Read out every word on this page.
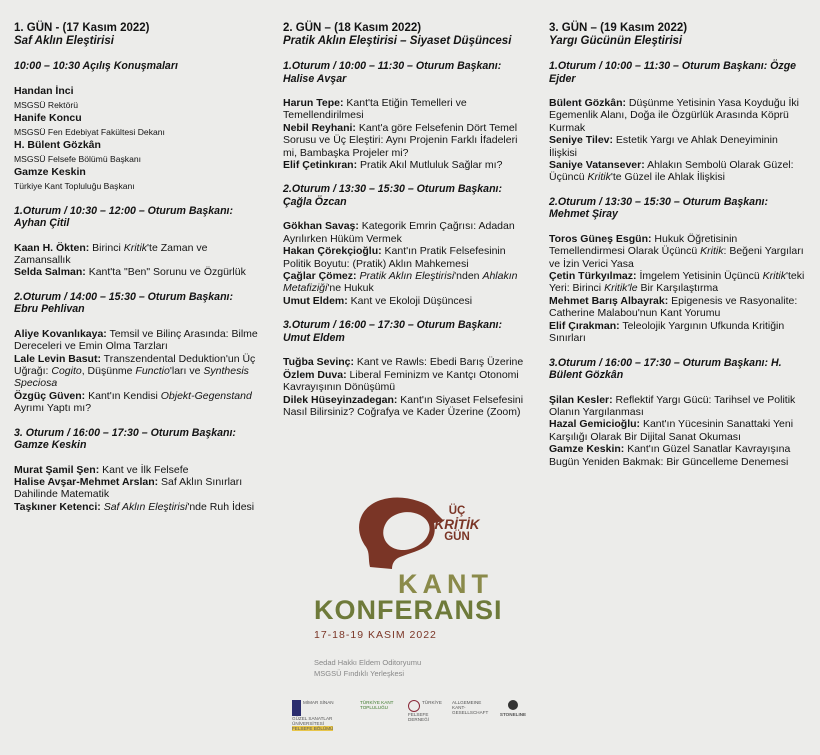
1. GÜN - (17 Kasım 2022)

Saf Aklın Eleştirisi

10:00 – 10:30 Açılış Konuşmaları

Handan İnci
MSGSÜ Rektörü
Hanife Koncu
MSGSÜ Fen Edebiyat Fakültesi Dekanı
H. Bülent Gözkân
MSGSÜ Felsefe Bölümü Başkanı
Gamze Keskin
Türkiye Kant Topluluğu Başkanı

1.Oturum / 10:30 – 12:00 – Oturum Başkanı: Ayhan Çitil

Kaan H. Ökten: Birinci Kritik'te Zaman ve Zamansallık
Selda Salman: Kant'ta "Ben" Sorunu ve Özgürlük

2.Oturum / 14:00 – 15:30 – Oturum Başkanı: Ebru Pehlivan

Aliye Kovanlıkaya: Temsil ve Bilinç Arasında: Bilme Dereceleri ve Emin Olma Tarzları
Lale Levin Basut: Transzendental Deduktion'un Üç Uğrağı: Cogito, Düşünme Functio'ları ve Synthesis Speciosa
Özgüç Güven: Kant'ın Kendisi Objekt-Gegenstand Ayrımı Yaptı mı?

3. Oturum / 16:00 – 17:30 – Oturum Başkanı: Gamze Keskin

Murat Şamil Şen: Kant ve İlk Felsefe
Halise Avşar-Mehmet Arslan: Saf Aklın Sınırları Dahilinde Matematik
Taşkıner Ketenci: Saf Aklın Eleştirisi'nde Ruh İdesi

2. GÜN – (18 Kasım 2022)

Pratik Aklın Eleştirisi – Siyaset Düşüncesi

1.Oturum / 10:00 – 11:30 – Oturum Başkanı: Halise Avşar

Harun Tepe: Kant'ta Etiğin Temelleri ve Temellendirilmesi
Nebil Reyhani: Kant'a göre Felsefenin Dört Temel Sorusu ve Üç Eleştiri: Aynı Projenin Farklı İfadeleri mi, Bambaşka Projeler mi?
Elif Çetinkıran: Pratik Akıl Mutluluk Sağlar mı?

2.Oturum / 13:30 – 15:30 – Oturum Başkanı: Çağla Özcan

Gökhan Savaş: Kategorik Emrin Çağrısı: Adadan Ayrılırken Hüküm Vermek
Hakan Çörekçioğlu: Kant'ın Pratik Felsefesinin Politik Boyutu: (Pratik) Aklın Mahkemesi
Çağlar Çömez: Pratik Aklın Eleştirisi'nden Ahlakın Metafiziği'ne Hukuk
Umut Eldem: Kant ve Ekoloji Düşüncesi

3.Oturum / 16:00 – 17:30 – Oturum Başkanı: Umut Eldem

Tuğba Sevinç: Kant ve Rawls: Ebedi Barış Üzerine
Özlem Duva: Liberal Feminizm ve Kantçı Otonomi Kavrayışının Dönüşümü
Dilek Hüseyinzadegan: Kant'ın Siyaset Felsefesini Nasıl Bilirsiniz? Coğrafya ve Kader Üzerine (Zoom)

3. GÜN – (19 Kasım 2022)

Yargı Gücünün Eleştirisi

1.Oturum / 10:00 – 11:30 – Oturum Başkanı: Özge Ejder

Bülent Gözkân: Düşünme Yetisinin Yasa Koyduğu İki Egemenlik Alanı, Doğa ile Özgürlük Arasında Köprü Kurmak
Seniye Tilev: Estetik Yargı ve Ahlak Deneyiminin İlişkisi
Saniye Vatansever: Ahlakın Sembolü Olarak Güzel: Üçüncü Kritik'te Güzel ile Ahlak İlişkisi

2.Oturum / 13:30 – 15:30 – Oturum Başkanı: Mehmet Şiray

Toros Güneş Esgün: Hukuk Öğretisinin Temellendirmesi Olarak Üçüncü Kritik: Beğeni Yargıları ve İzin Verici Yasa
Çetin Türkyılmaz: İmgelem Yetisinin Üçüncü Kritik'teki Yeri: Birinci Kritik'le Bir Karşılaştırma
Mehmet Barış Albayrak: Epigenesis ve Rasyonalite: Catherine Malabou'nun Kant Yorumu
Elif Çırakman: Teleolojik Yargının Ufkunda Kritiğin Sınırları

3.Oturum / 16:00 – 17:30 – Oturum Başkanı: H. Bülent Gözkân

Şilan Kesler: Reflektif Yargı Gücü: Tarihsel ve Politik Olanın Yargılanması
Hazal Gemicioğlu: Kant'ın Yücesinin Sanattaki Yeni Karşılığı Olarak Bir Dijital Sanat Okuması
Gamze Keskin: Kant'ın Güzel Sanatlar Kavrayışına Bugün Yeniden Bakmak: Bir Güncelleme Denemesi
ÜÇ
KRİTİK
GÜN
KANT
KONFERANSI
17-18-19 KASIM 2022
Sedad Hakkı Eldem Oditoryumu
MSGSÜ Fındıklı Yerleşkesi
MİMAR SİNAN GÜZEL SANATLAR ÜNİVERSİTESİ
FELSEFE BÖLÜMÜ
TÜRKİYE KANT TOPLULUĞU
TÜRKİYE FELSEFE DERNEĞİ
ALLGEMEINE KANT-GESELLSCHAFT	STONELINE
